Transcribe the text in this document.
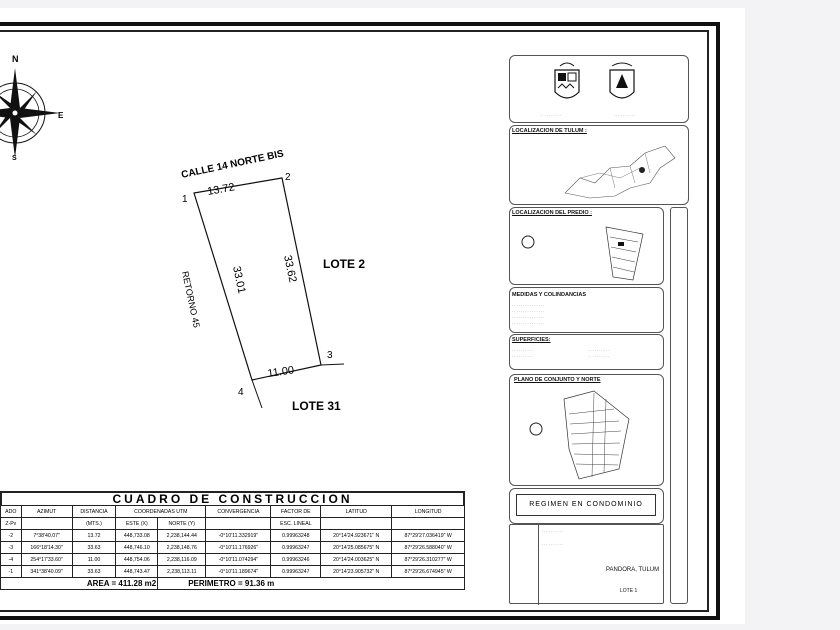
N
E
S	CALLE 14 NORTE BIS
RETORNO 45
LOTE 2
LOTE 31
1
2
3
4
13.72
33.62
33.01
11.00
CUADRO DE CONSTRUCCION
ADO	AZIMUT	DISTANCIA	COORDENADAS UTM		CONVERGENCIA	FACTOR DE	LATITUD	LONGITUD
Z-Pv		(MTS.)	ESTE (X)	NORTE (Y)		ESC. LINEAL		
-2	7°38'40.07"	13.72	448,733.08	2,238,144.44	-0°10'11.332919"	0.99963248	20°14'24.923671" N	87°29'27.036419" W
-3	166°18'14.30"	33.63	448,746.10	2,238,148.76	-0°10'11.176926"	0.99963247	20°14'25.085675" N	87°29'26.588040" W
-4	254°17'33.60"	11.00	448,754.06	2,238,116.09	-0°10'11.074294"	0.99963246	20°14'24.003625" N	87°29'26.310277" W
-1	341°38'40.09"	33.63	448,743.47	2,238,113.11	-0°10'11.189674"	0.99963247	20°14'23.905732" N	87°29'26.674945" W
AREA = 411.28 m2				PERIMETRO = 91.36 m				
. . . . . . . . . .	. . . . . . . . . .
LOCALIZACION DE TULUM :
LOCALIZACION DEL PREDIO :
MEDIDAS Y COLINDANCIAS
. . . . . . . . . . . . . . .
. . . . . . . . . . . . . . .
. . . . . . . . . . . . . . .
. . . . . . . . . . . . . . .
SUPERFICIES:
. . . . . . . . . .
. . . . . . . . . .
. . . . . . . . . .
. . . . . . . . . .
PLANO DE CONJUNTO Y NORTE
REGIMEN EN CONDOMINIO
. . . . . . . . . .
. . . . . . . . . .
PANDORA, TULUM
LOTE 1
